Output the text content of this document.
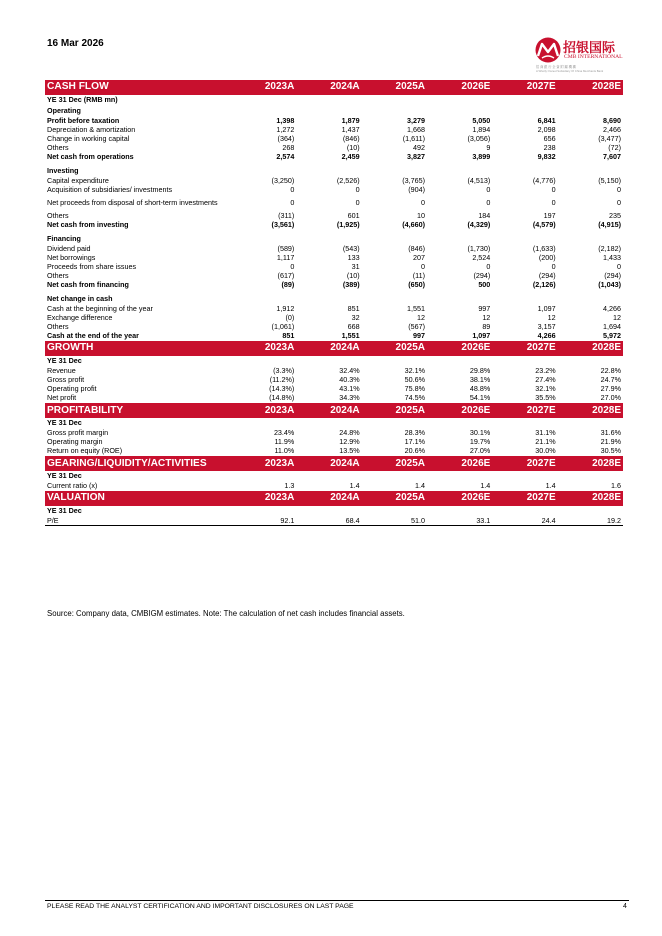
16 Mar 2026	招银国际
CMB INTERNATIONAL
招 商 銀 行 全 資 附 屬 機 構
A Wholly Owned Subsidiary Of China Merchants Bank
CASH FLOW	2023A	2024A	2025A	2026E	2027E	2028E
YE 31 Dec (RMB mn)						
Operating						
Profit before taxation	1,398	1,879	3,279	5,050	6,841	8,690
Depreciation & amortization	1,272	1,437	1,668	1,894	2,098	2,466
Change in working capital	(364)	(846)	(1,611)	(3,056)	656	(3,477)
Others	268	(10)	492	9	238	(72)
Net cash from operations	2,574	2,459	3,827	3,899	9,832	7,607

Investing						
Capital expenditure	(3,250)	(2,526)	(3,765)	(4,513)	(4,776)	(5,150)
Acquisition of subsidiaries/ investments	0	0	(904)	0	0	0
Net proceeds from disposal of short-term investments	0	0	0	0	0	0
Others	(311)	601	10	184	197	235
Net cash from investing	(3,561)	(1,925)	(4,660)	(4,329)	(4,579)	(4,915)

Financing						
Dividend paid	(589)	(543)	(846)	(1,730)	(1,633)	(2,182)
Net borrowings	1,117	133	207	2,524	(200)	1,433
Proceeds from share issues	0	31	0	0	0	0
Others	(617)	(10)	(11)	(294)	(294)	(294)
Net cash from financing	(89)	(389)	(650)	500	(2,126)	(1,043)

Net change in cash						
Cash at the beginning of the year	1,912	851	1,551	997	1,097	4,266
Exchange difference	(0)	32	12	12	12	12
Others	(1,061)	668	(567)	89	3,157	1,694
Cash at the end of the year	851	1,551	997	1,097	4,266	5,972
GROWTH	2023A	2024A	2025A	2026E	2027E	2028E
YE 31 Dec						
Revenue	(3.3%)	32.4%	32.1%	29.8%	23.2%	22.8%
Gross profit	(11.2%)	40.3%	50.6%	38.1%	27.4%	24.7%
Operating profit	(14.3%)	43.1%	75.8%	48.8%	32.1%	27.9%
Net profit	(14.8%)	34.3%	74.5%	54.1%	35.5%	27.0%
PROFITABILITY	2023A	2024A	2025A	2026E	2027E	2028E
YE 31 Dec						
Gross profit margin	23.4%	24.8%	28.3%	30.1%	31.1%	31.6%
Operating margin	11.9%	12.9%	17.1%	19.7%	21.1%	21.9%
Return on equity (ROE)	11.0%	13.5%	20.6%	27.0%	30.0%	30.5%
GEARING/LIQUIDITY/ACTIVITIES	2023A	2024A	2025A	2026E	2027E	2028E
YE 31 Dec						
Current ratio (x)	1.3	1.4	1.4	1.4	1.4	1.6
VALUATION	2023A	2024A	2025A	2026E	2027E	2028E
YE 31 Dec						
P/E	92.1	68.4	51.0	33.1	24.4	19.2
Source: Company data, CMBIGM estimates. Note: The calculation of net cash includes financial assets.
PLEASE READ THE ANALYST CERTIFICATION AND IMPORTANT DISCLOSURES ON LAST PAGE	4
